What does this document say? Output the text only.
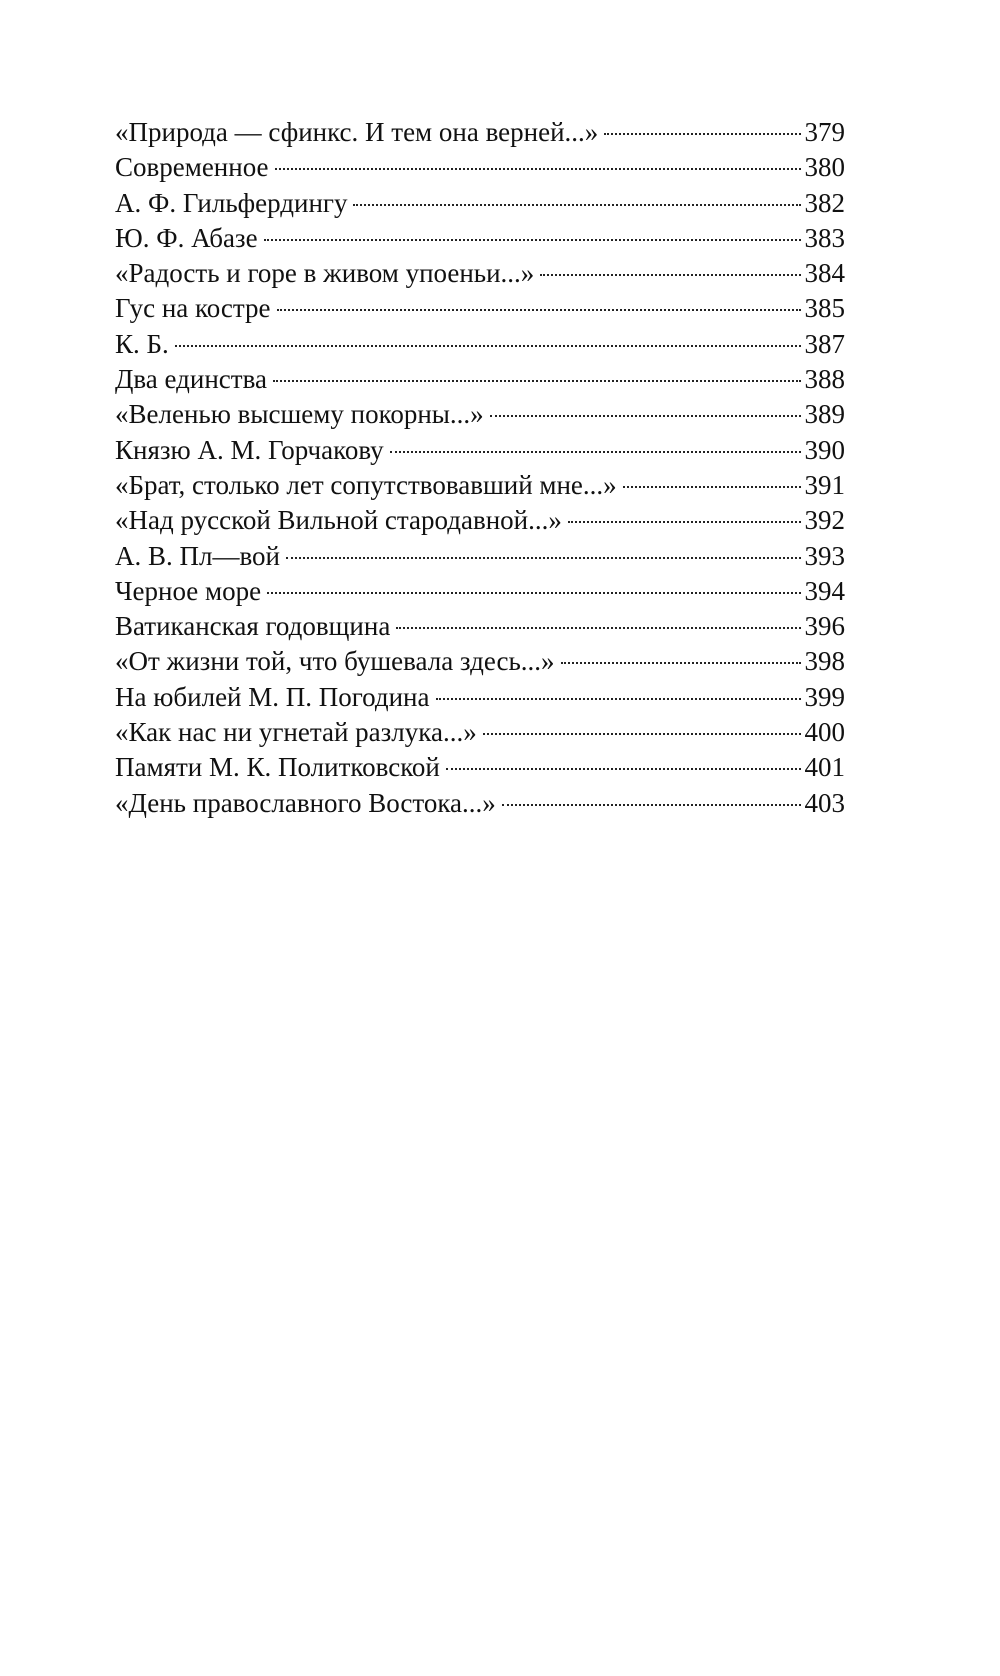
«Природа — сфинкс. И тем она верней...»	379
Современное	380
А. Ф. Гильфердингу	382
Ю. Ф. Абазе	383
«Радость и горе в живом упоеньи...»	384
Гус на костре	385
К. Б.	387
Два единства	388
«Веленью высшему покорны...»	389
Князю А. М. Горчакову	390
«Брат, столько лет сопутствовавший мне...»	391
«Над русской Вильной стародавной...»	392
А. В. Пл—вой	393
Черное море	394
Ватиканская годовщина	396
«От жизни той, что бушевала здесь...»	398
На юбилей М. П. Погодина	399
«Как нас ни угнетай разлука...»	400
Памяти М. К. Политковской	401
«День православного Востока...»	403
